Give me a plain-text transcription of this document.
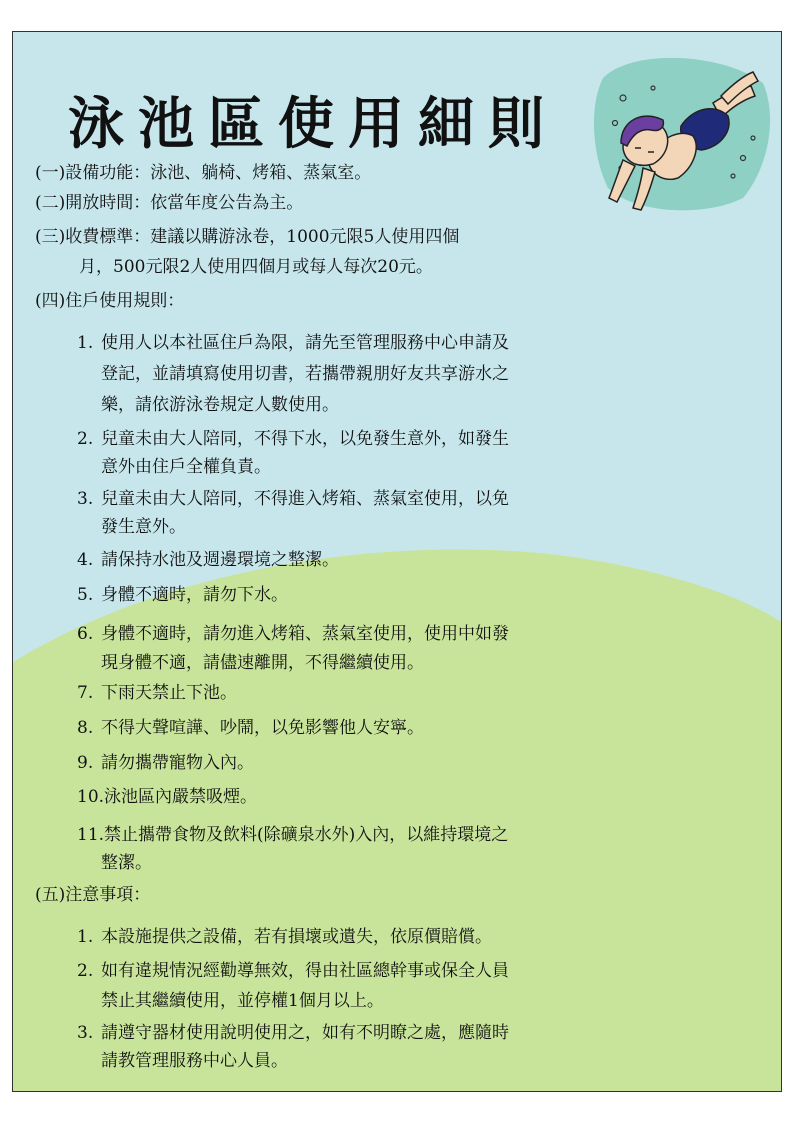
泳池區使用細則
(一)設備功能：泳池、躺椅、烤箱、蒸氣室。
(二)開放時間：依當年度公告為主。
(三)收費標準：建議以購游泳卷，1000元限5人使用四個
月，500元限2人使用四個月或每人每次20元。
(四)住戶使用規則：
1. 使用人以本社區住戶為限，請先至管理服務中心申請及
登記，並請填寫使用切書，若攜帶親朋好友共享游水之
樂，請依游泳卷規定人數使用。
2. 兒童未由大人陪同，不得下水，以免發生意外，如發生
意外由住戶全權負責。
3. 兒童未由大人陪同，不得進入烤箱、蒸氣室使用，以免
發生意外。
4. 請保持水池及週邊環境之整潔。
5. 身體不適時，請勿下水。
6. 身體不適時，請勿進入烤箱、蒸氣室使用，使用中如發
現身體不適，請儘速離開，不得繼續使用。
7. 下雨天禁止下池。
8. 不得大聲喧譁、吵鬧，以免影響他人安寧。
9. 請勿攜帶寵物入內。
10.泳池區內嚴禁吸煙。
11.禁止攜帶食物及飲料(除礦泉水外)入內，以維持環境之
整潔。
(五)注意事項：
1. 本設施提供之設備，若有損壞或遺失，依原價賠償。
2. 如有違規情況經勸導無效，得由社區總幹事或保全人員
禁止其繼續使用，並停權1個月以上。
3. 請遵守器材使用說明使用之，如有不明瞭之處，應隨時
請教管理服務中心人員。
